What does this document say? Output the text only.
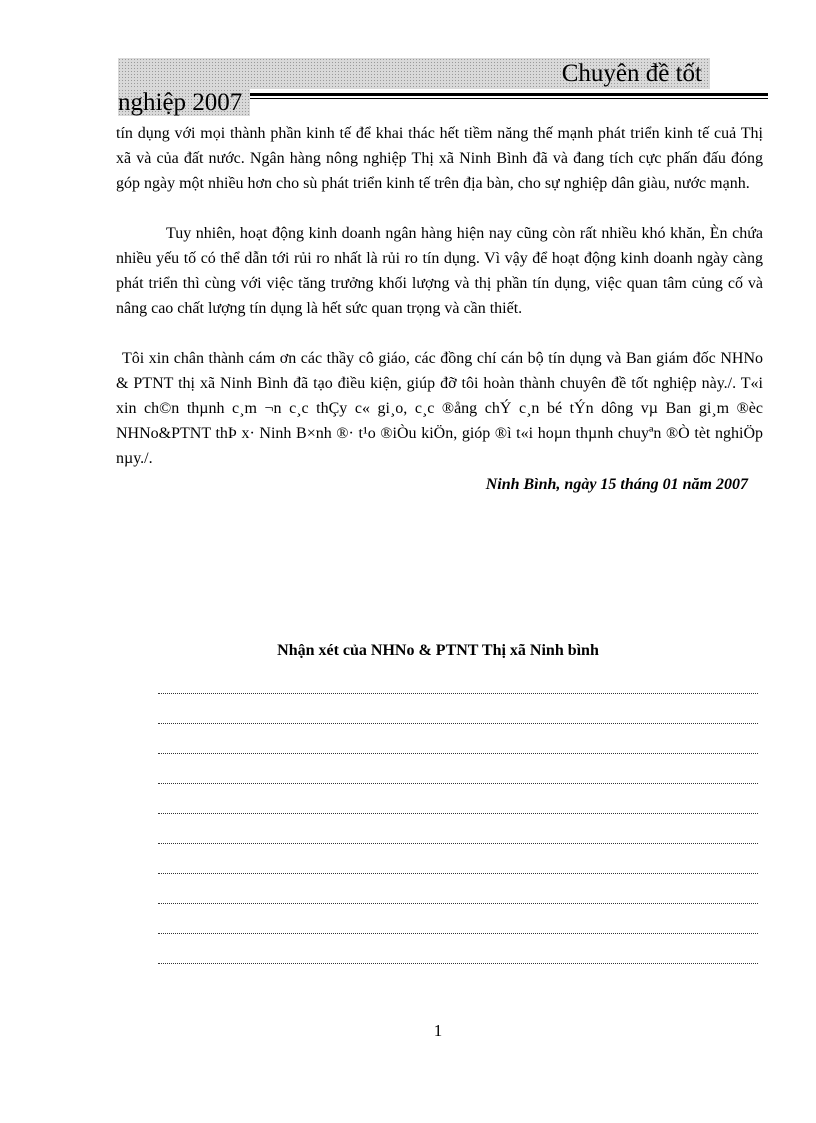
Chuyên đề tốt
nghiệp 2007

tín dụng với mọi thành phần kinh tế để khai thác hết tiềm năng thế mạnh phát triển kinh tế cuả Thị xã và của đất nước. Ngân hàng nông nghiệp Thị xã Ninh Bình đã và đang tích cực phấn đấu đóng góp ngày một nhiều hơn cho sù phát triển kinh tế trên địa bàn, cho sự nghiệp dân giàu, nước mạnh.

Tuy nhiên, hoạt động kinh doanh ngân hàng hiện nay cũng còn rất nhiều khó khăn, Èn chứa nhiều yếu tố có thể dẫn tới rủi ro nhất là rủi ro tín dụng. Vì vậy để hoạt động kinh doanh ngày càng phát triển thì cùng với việc tăng trưởng khối lượng và thị phần tín dụng, việc quan tâm củng cố và nâng cao chất lượng tín dụng là hết sức quan trọng và cần thiết.

Tôi xin chân thành cám ơn các thầy cô giáo, các đồng chí cán bộ tín dụng và Ban giám đốc NHNo & PTNT thị xã Ninh Bình đã tạo điều kiện, giúp đỡ tôi hoàn thành chuyên đề tốt nghiệp này./. T«i xin ch©n thµnh c¸m ¬n c¸c thÇy c« gi¸o, c¸c ®ång chÝ c¸n bé tÝn dông vµ Ban gi¸m ®èc NHNo&PTNT thÞ x· Ninh B×nh ®· t¹o ®iÒu kiÖn, gióp ®ì t«i hoµn thµnh chuyªn ®Ò tèt nghiÖp nµy./.

Ninh Bình, ngày 15 tháng 01 năm 2007
Nhận xét của NHNo & PTNT Thị xã Ninh bình
1
